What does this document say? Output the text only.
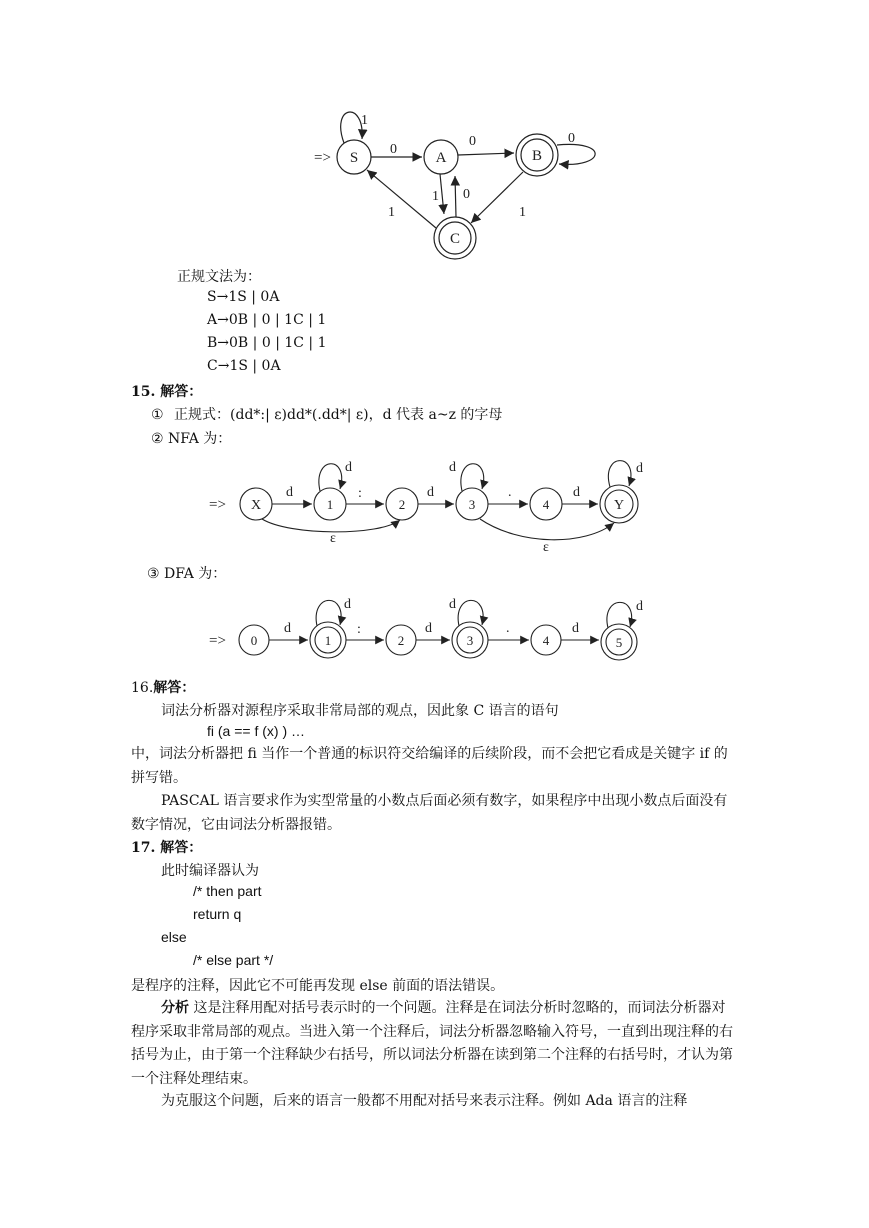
=> S	A	B
C
1
0
0	0
1 0
1	1
正规文法为：
S→1S | 0A
A→0B | 0 | 1C | 1
B→0B | 0 | 1C | 1
C→1S | 0A
15. 解答：
① 正规式：(dd*:| ε)dd*(.dd*| ε)，d 代表 a~z 的字母
② NFA 为：
=> X	1	2	3	4	Y
d
d
:	d
d
.	d
d
ε
ε
③ DFA 为：
=> 0	1	2	3	4	5
d
d
:	d
d
.	d
d
16.解答：
词法分析器对源程序采取非常局部的观点，因此象 C 语言的语句
fi (a == f (x) ) …

中，词法分析器把 fi 当作一个普通的标识符交给编译的后续阶段，而不会把它看成是关键字 if 的拼写错。

PASCAL 语言要求作为实型常量的小数点后面必须有数字，如果程序中出现小数点后面没有数字情况，它由词法分析器报错。

17. 解答：
此时编译器认为
/* then part
return q
else
/* else part */
是程序的注释，因此它不可能再发现 else 前面的语法错误。

分析 这是注释用配对括号表示时的一个问题。注释是在词法分析时忽略的，而词法分析器对程序采取非常局部的观点。当进入第一个注释后，词法分析器忽略输入符号，一直到出现注释的右括号为止，由于第一个注释缺少右括号，所以词法分析器在读到第二个注释的右括号时，才认为第一个注释处理结束。

为克服这个问题，后来的语言一般都不用配对括号来表示注释。例如 Ada 语言的注释
